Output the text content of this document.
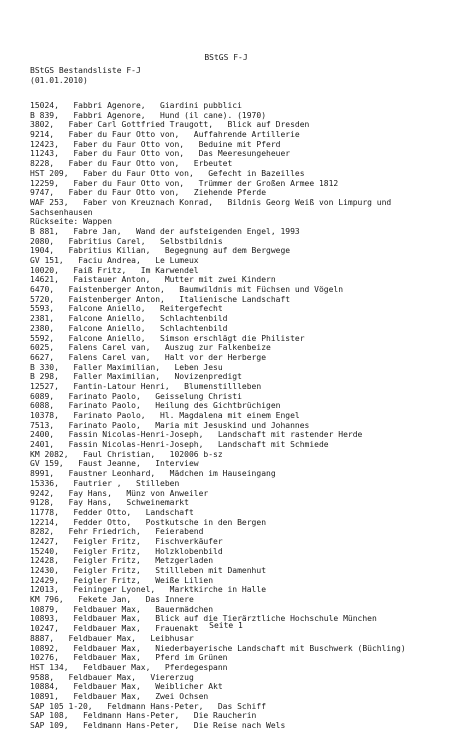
BStGS F-J
BStGS Bestandsliste F-J
(01.01.2010)
15024,   Fabbri Agenore,   Giardini pubblici
B 839,   Fabbri Agenore,   Hund (il cane). (1970)
3802,   Faber Carl Gottfried Traugott,   Blick auf Dresden
9214,   Faber du Faur Otto von,   Auffahrende Artillerie
12423,   Faber du Faur Otto von,   Beduine mit Pferd
11243,   Faber du Faur Otto von,   Das Meeresungeheuer
8228,   Faber du Faur Otto von,   Erbeutet
HST 209,   Faber du Faur Otto von,   Gefecht in Bazeilles
12259,   Faber du Faur Otto von,   Trümmer der Großen Armee 1812
9747,   Faber du Faur Otto von,   Ziehende Pferde
WAF 253,   Faber von Kreuznach Konrad,   Bildnis Georg Weiß von Limpurg und
Sachsenhausen
Rückseite: Wappen
B 881,   Fabre Jan,   Wand der aufsteigenden Engel, 1993
2080,   Fabritius Carel,   Selbstbildnis
1904,   Fabritius Kilian,   Begegnung auf dem Bergwege
GV 151,   Faciu Andrea,   Le Lumeux
10020,   Faiß Fritz,   Im Karwendel
14621,   Faistauer Anton,   Mutter mit zwei Kindern
6470,   Faistenberger Anton,   Baumwildnis mit Füchsen und Vögeln
5720,   Faistenberger Anton,   Italienische Landschaft
5593,   Falcone Aniello,   Reitergefecht
2381,   Falcone Aniello,   Schlachtenbild
2380,   Falcone Aniello,   Schlachtenbild
5592,   Falcone Aniello,   Simson erschlägt die Philister
6025,   Falens Carel van,   Auszug zur Falkenbeize
6627,   Falens Carel van,   Halt vor der Herberge
B 330,   Faller Maximilian,   Leben Jesu
B 298,   Faller Maximilian,   Novizenpredigt
12527,   Fantin-Latour Henri,   Blumenstillleben
6089,   Farinato Paolo,   Geisselung Christi
6088,   Farinato Paolo,   Heilung des Gichtbrüchigen
10378,   Farinato Paolo,   Hl. Magdalena mit einem Engel
7513,   Farinato Paolo,   Maria mit Jesuskind und Johannes
2400,   Fassin Nicolas-Henri-Joseph,   Landschaft mit rastender Herde
2401,   Fassin Nicolas-Henri-Joseph,   Landschaft mit Schmiede
KM 2082,   Faul Christian,   102006 b-sz
GV 159,   Faust Jeanne,   Interview
8991,   Faustner Leonhard,   Mädchen im Hauseingang
15336,   Fautrier ,   Stilleben
9242,   Fay Hans,   Münz von Anweiler
9128,   Fay Hans,   Schweinemarkt
11778,   Fedder Otto,   Landschaft
12214,   Fedder Otto,   Postkutsche in den Bergen
8282,   Fehr Friedrich,   Feierabend
12427,   Feigler Fritz,   Fischverkäufer
15240,   Feigler Fritz,   Holzklobenbild
12428,   Feigler Fritz,   Metzgerladen
12430,   Feigler Fritz,   Stillleben mit Damenhut
12429,   Feigler Fritz,   Weiße Lilien
12013,   Feininger Lyonel,   Marktkirche in Halle
KM 796,   Fekete Jan,   Das Innere
10879,   Feldbauer Max,   Bauermädchen
10893,   Feldbauer Max,   Blick auf die Tierärztliche Hochschule München
10247,   Feldbauer Max,   Frauenakt
8887,   Feldbauer Max,   Leibhusar
10892,   Feldbauer Max,   Niederbayerische Landschaft mit Buschwerk (Büchling)
10276,   Feldbauer Max,   Pferd im Grünen
HST 134,   Feldbauer Max,   Pferdegespann
9588,   Feldbauer Max,   Viererzug
10884,   Feldbauer Max,   Weiblicher Akt
10891,   Feldbauer Max,   Zwei Ochsen
SAP 105 1-20,   Feldmann Hans-Peter,   Das Schiff
SAP 108,   Feldmann Hans-Peter,   Die Raucherin
SAP 109,   Feldmann Hans-Peter,   Die Reise nach Wels
Seite 1
